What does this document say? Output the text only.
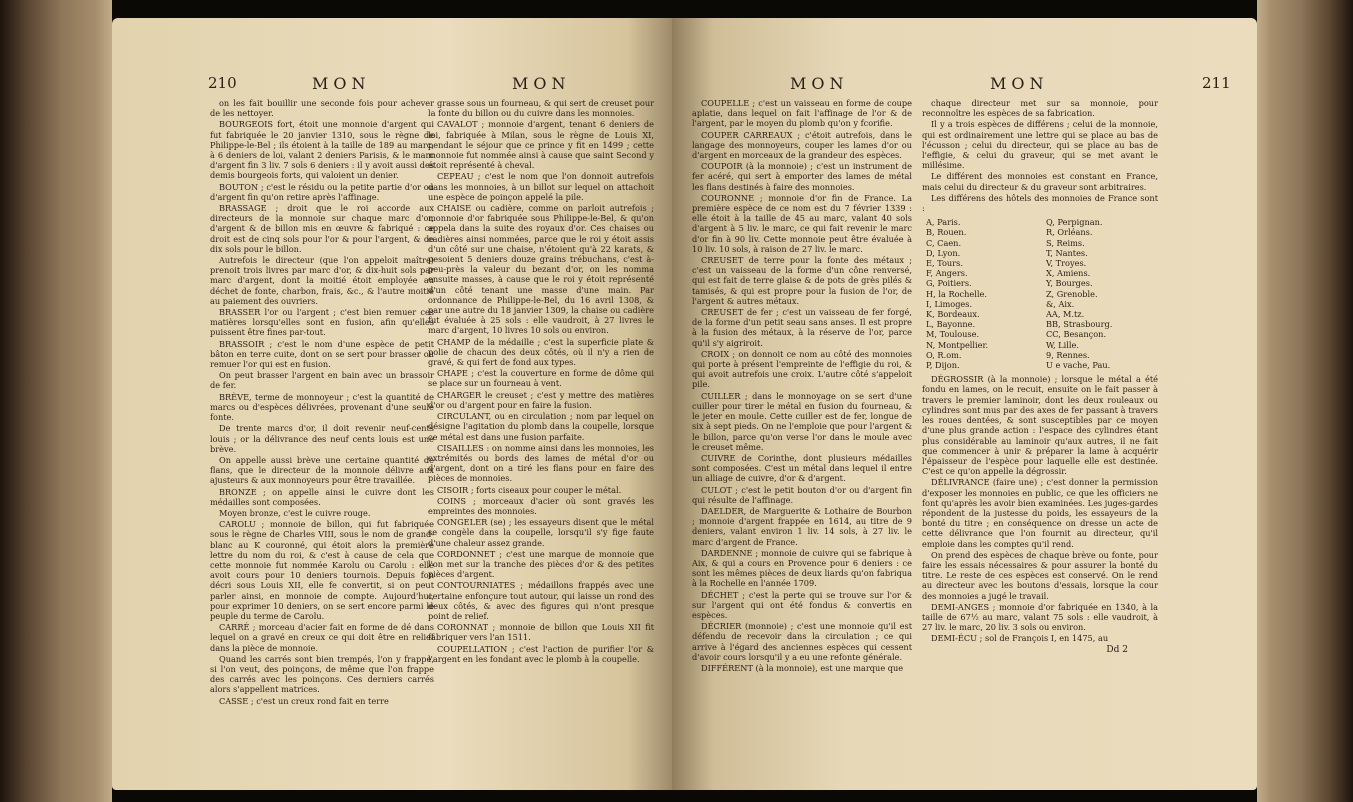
210	MON	MON

on les fait bouillir une seconde fois pour achever de les nettoyer.

BOURGEOIS fort, étoit une monnoie d'argent qui fut fabriquée le 20 janvier 1310, sous le règne de Philippe-le-Bel ; ils étoient à la taille de 189 au marc, à 6 deniers de loi, valant 2 deniers Parisis, & le marc d'argent fin 3 liv. 7 sols 6 deniers : il y avoit aussi des demis bourgeois forts, qui valoient un denier.

BOUTON ; c'est le résidu ou la petite partie d'or ou d'argent fin qu'on retire après l'affinage.

BRASSAGE ; droit que le roi accorde aux directeurs de la monnoie sur chaque marc d'or, d'argent & de billon mis en œuvre & fabriqué : ce droit est de cinq sols pour l'or & pour l'argent, & de dix sols pour le billon.

Autrefois le directeur (que l'on appeloit maître) prenoit trois livres par marc d'or, & dix-huit sols par marc d'argent, dont la moitié étoit employée au déchet de fonte, charbon, frais, &c., & l'autre moitié au paiement des ouvriers.

BRASSER l'or ou l'argent ; c'est bien remuer ces matières lorsqu'elles sont en fusion, afin qu'elles puissent être fines par-tout.

BRASSOIR ; c'est le nom d'une espèce de petit bâton en terre cuite, dont on se sert pour brasser ou remuer l'or qui est en fusion.

On peut brasser l'argent en bain avec un brassoir de fer.

BRÈVE, terme de monnoyeur ; c'est la quantité de marcs ou d'espèces délivrées, provenant d'une seule fonte.

De trente marcs d'or, il doit revenir neuf-cents louis ; or la délivrance des neuf cents louis est une brève.

On appelle aussi brève une certaine quantité de flans, que le directeur de la monnoie délivre aux ajusteurs & aux monnoyeurs pour être travaillée.

BRONZE ; on appelle ainsi le cuivre dont les médailles sont composées.

Moyen bronze, c'est le cuivre rouge.

CAROLU ; monnoie de billon, qui fut fabriquée sous le règne de Charles VIII, sous le nom de grand-blanc au K couronné, qui étoit alors la première lettre du nom du roi, & c'est à cause de cela que cette monnoie fut nommée Karolu ou Carolu : elle avoit cours pour 10 deniers tournois. Depuis fon décri sous Louis XII, elle fe convertit, si on peut parler ainsi, en monnoie de compte. Aujourd'hui, pour exprimer 10 deniers, on se sert encore parmi le peuple du terme de Carolu.

CARRÉ ; morceau d'acier fait en forme de dé dans lequel on a gravé en creux ce qui doit être en relief dans la pièce de monnoie.

Quand les carrés sont bien trempés, l'on y frappe, si l'on veut, des poinçons, de même que l'on frappe des carrés avec les poinçons. Ces derniers carrés alors s'appellent matrices.

CASSE ; c'est un creux rond fait en terre

grasse sous un fourneau, & qui sert de creuset pour la fonte du billon ou du cuivre dans les monnoies.

CAVALOT ; monnoie d'argent, tenant 6 deniers de loi, fabriquée à Milan, sous le règne de Louis XI, pendant le séjour que ce prince y fit en 1499 ; cette monnoie fut nommée ainsi à cause que saint Second y étoit représenté à cheval.

CEPEAU ; c'est le nom que l'on donnoit autrefois dans les monnoies, à un billot sur lequel on attachoit une espèce de poinçon appelé la pile.

CHAISE ou cadière, comme on parloit autrefois ; monnoie d'or fabriquée sous Philippe-le-Bel, & qu'on appela dans la suite des royaux d'or. Ces chaises ou cadières ainsi nommées, parce que le roi y étoit assis d'un côté sur une chaise, n'étoient qu'à 22 karats, & pesoient 5 deniers douze grains trébuchans, c'est à-peu-près la valeur du bezant d'or, on les nomma ensuite masses, à cause que le roi y étoit représenté d'un côté tenant une masse d'une main. Par ordonnance de Philippe-le-Bel, du 16 avril 1308, & par une autre du 18 janvier 1309, la chaise ou cadière fut évaluée à 25 sols : elle vaudroit, à 27 livres le marc d'argent, 10 livres 10 sols ou environ.

CHAMP de la médaille ; c'est la superficie plate & polie de chacun des deux côtés, où il n'y a rien de gravé, & qui fert de fond aux types.

CHAPE ; c'est la couverture en forme de dôme qui se place sur un fourneau à vent.

CHARGER le creuset ; c'est y mettre des matières d'or ou d'argent pour en faire la fusion.

CIRCULANT, ou en circulation ; nom par lequel on désigne l'agitation du plomb dans la coupelle, lorsque ce métal est dans une fusion parfaite.

CISAILLES : on nomme ainsi dans les monnoies, les extrémités ou bords des lames de métal d'or ou d'argent, dont on a tiré les flans pour en faire des pièces de monnoies.

CISOIR ; forts ciseaux pour couper le métal.

COINS ; morceaux d'acier où sont gravés les empreintes des monnoies.

CONGELER (se) ; les essayeurs disent que le métal se congèle dans la coupelle, lorsqu'il s'y fige faute d'une chaleur assez grande.

CORDONNET ; c'est une marque de monnoie que l'on met sur la tranche des pièces d'or & des petites pièces d'argent.

CONTOURNIATES ; médaillons frappés avec une certaine enfonçure tout autour, qui laisse un rond des deux côtés, & avec des figures qui n'ont presque point de relief.

CORONNAT ; monnoie de billon que Louis XII fit fabriquer vers l'an 1511.

COUPELLATION ; c'est l'action de purifier l'or & l'argent en les fondant avec le plomb à la coupelle.

MON	MON	211

COUPELLE ; c'est un vaisseau en forme de coupe aplatie, dans lequel on fait l'affinage de l'or & de l'argent, par le moyen du plomb qu'on y fcorifie.

COUPER CARREAUX ; c'étoit autrefois, dans le langage des monnoyeurs, couper les lames d'or ou d'argent en morceaux de la grandeur des espèces.

COUPOIR (à la monnoie) ; c'est un instrument de fer acéré, qui sert à emporter des lames de métal les flans destinés à faire des monnoies.

COURONNE ; monnoie d'or fin de France. La première espèce de ce nom est du 7 février 1339 : elle étoit à la taille de 45 au marc, valant 40 sols d'argent à 5 liv. le marc, ce qui fait revenir le marc d'or fin à 90 liv. Cette monnoie peut être évaluée à 10 liv. 10 sols, à raison de 27 liv. le marc.

CREUSET de terre pour la fonte des métaux ; c'est un vaisseau de la forme d'un cône renversé, qui est fait de terre glaise & de pots de grès pilés & tamisés, & qui est propre pour la fusion de l'or, de l'argent & autres métaux.

CREUSET de fer ; c'est un vaisseau de fer forgé, de la forme d'un petit seau sans anses. Il est propre à la fusion des métaux, à la réserve de l'or, parce qu'il s'y aigriroit.

CROIX ; on donnoit ce nom au côté des monnoies qui porte à présent l'empreinte de l'effigie du roi, & qui avoit autrefois une croix. L'autre côté s'appeloit pile.

CUILLER ; dans le monnoyage on se sert d'une cuiller pour tirer le métal en fusion du fourneau, & le jeter en moule. Cette cuiller est de fer, longue de six à sept pieds. On ne l'emploie que pour l'argent & le billon, parce qu'on verse l'or dans le moule avec le creuset même.

CUIVRE de Corinthe, dont plusieurs médailles sont composées. C'est un métal dans lequel il entre un alliage de cuivre, d'or & d'argent.

CULOT ; c'est le petit bouton d'or ou d'argent fin qui résulte de l'affinage.

DAELDER, de Marguerite & Lothaire de Bourbon ; monnoie d'argent frappée en 1614, au titre de 9 deniers, valant environ 1 liv. 14 sols, à 27 liv. le marc d'argent de France.

DARDENNE ; monnoie de cuivre qui se fabrique à Aix, & qui a cours en Provence pour 6 deniers : ce sont les mêmes pièces de deux liards qu'on fabriqua à la Rochelle en l'année 1709.

DÉCHET ; c'est la perte qui se trouve sur l'or & sur l'argent qui ont été fondus & convertis en espèces.

DÉCRIER (monnoie) ; c'est une monnoie qu'il est défendu de recevoir dans la circulation ; ce qui arrive à l'égard des anciennes espèces qui cessent d'avoir cours lorsqu'il y a eu une refonte générale.

DIFFÉRENT (à la monnoie), est une marque que

chaque directeur met sur sa monnoie, pour reconnoître les espèces de sa fabrication.

Il y a trois espèces de différens ; celui de la monnoie, qui est ordinairement une lettre qui se place au bas de l'écusson ; celui du directeur, qui se place au bas de l'effigie, & celui du graveur, qui se met avant le millésime.

Le différent des monnoies est constant en France, mais celui du directeur & du graveur sont arbitraires.

Les différens des hôtels des monnoies de France sont :

A, Paris.	Q, Perpignan.
B, Rouen.	R, Orléans.
C, Caen.	S, Reims.
D, Lyon.	T, Nantes.
E, Tours.	V, Troyes.
F, Angers.	X, Amiens.
G, Poitiers.	Y, Bourges.
H, la Rochelle.	Z, Grenoble.
I, Limoges.	&, Aix.
K, Bordeaux.	AA, M.tz.
L, Bayonne.	BB, Strasbourg.
M, Toulouse.	CC, Besançon.
N, Montpellier.	W, Lille.
O, R.om.	9, Rennes.
P, Dijon.	U e vache, Pau.

DÉGROSSIR (à la monnoie) ; lorsque le métal a été fondu en lames, on le recuit, ensuite on le fait passer à travers le premier laminoir, dont les deux rouleaux ou cylindres sont mus par des axes de fer passant à travers les roues dentées, & sont susceptibles par ce moyen d'une plus grande action : l'espace des cylindres étant plus considérable au laminoir qu'aux autres, il ne fait que commencer à unir & préparer la lame à acquérir l'épaisseur de l'espèce pour laquelle elle est destinée. C'est ce qu'on appelle la dégrossir.

DÉLIVRANCE (faire une) ; c'est donner la permission d'exposer les monnoies en public, ce que les officiers ne font qu'après les avoir bien examinées. Les juges-gardes répondent de la justesse du poids, les essayeurs de la bonté du titre ; en conséquence on dresse un acte de cette délivrance que l'on fournit au directeur, qu'il emploie dans les comptes qu'il rend.

On prend des espèces de chaque brève ou fonte, pour faire les essais nécessaires & pour assurer la bonté du titre. Le reste de ces espèces est conservé. On le rend au directeur avec les boutons d'essais, lorsque la cour des monnoies a jugé le travail.

DEMI-ANGES ; monnoie d'or fabriquée en 1340, à la taille de 67½ au marc, valant 75 sols : elle vaudroit, à 27 liv. le marc, 20 liv. 3 sols ou environ.

DEMI-ÉCU ; sol de François I, en 1475, au

Dd 2
